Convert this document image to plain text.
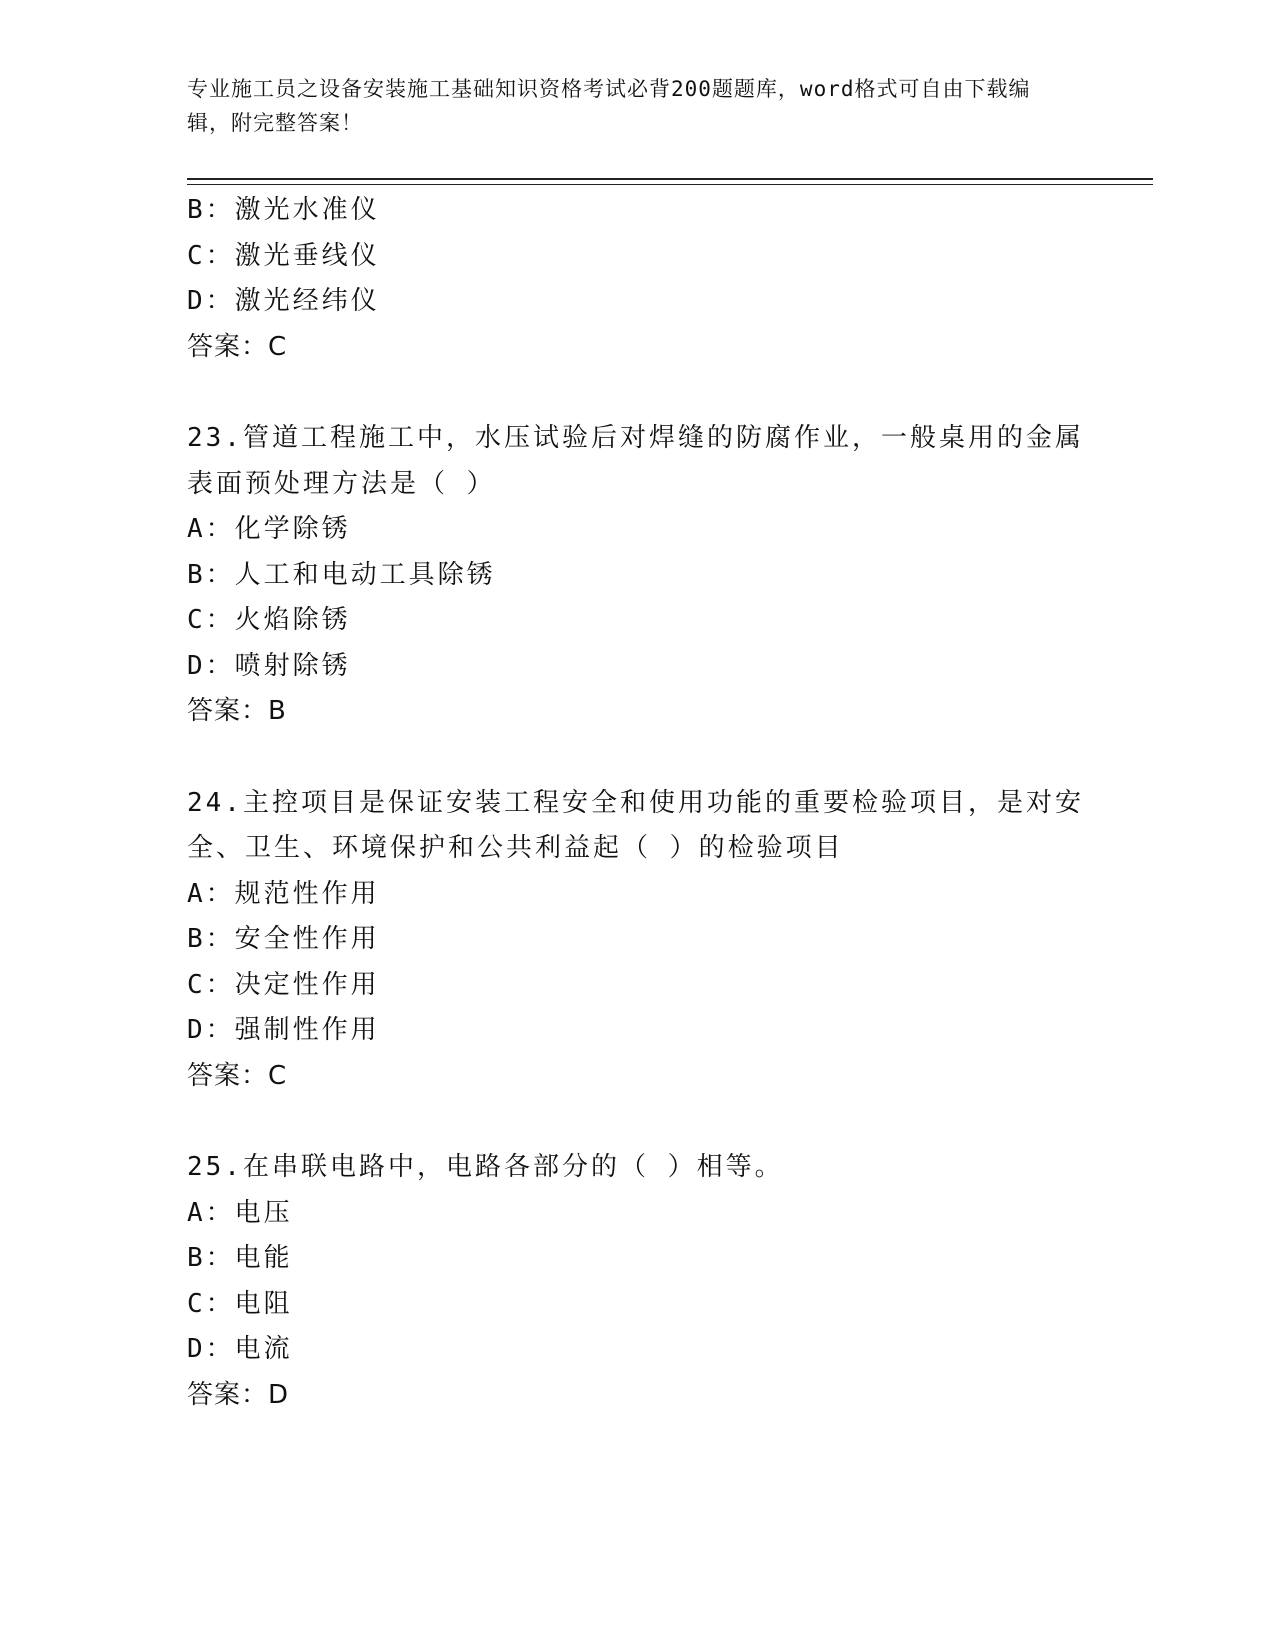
专业施工员之设备安装施工基础知识资格考试必背200题题库，word格式可自由下载编辑，附完整答案！
B：激光水准仪
C：激光垂线仪
D：激光经纬仪
答案：C
23.管道工程施工中，水压试验后对焊缝的防腐作业，一般桌用的金属表面预处理方法是（ ）
A：化学除锈
B：人工和电动工具除锈
C：火焰除锈
D：喷射除锈
答案：B
24.主控项目是保证安装工程安全和使用功能的重要检验项目，是对安全、卫生、环境保护和公共利益起（ ）的检验项目
A：规范性作用
B：安全性作用
C：决定性作用
D：强制性作用
答案：C
25.在串联电路中，电路各部分的（ ）相等。
A：电压
B：电能
C：电阻
D：电流
答案：D
